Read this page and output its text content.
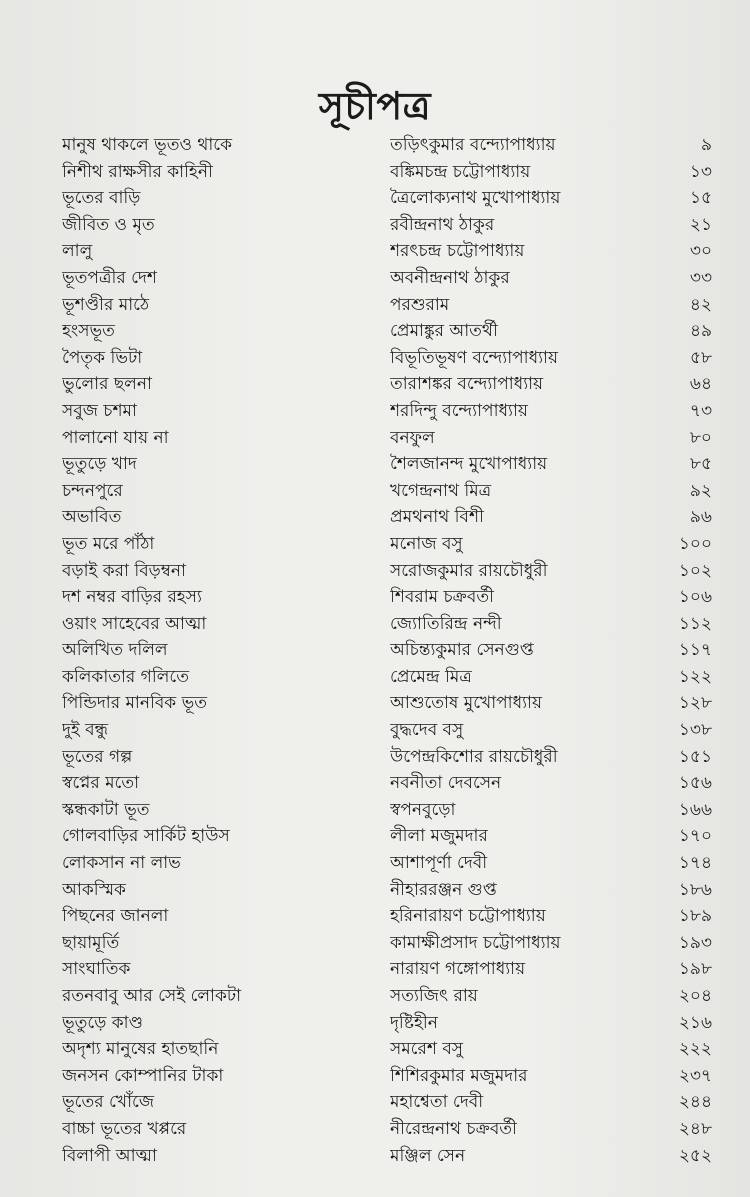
সূচীপত্র
মানুষ থাকলে ভূতও থাকে	তড়িৎকুমার বন্দ্যোপাধ্যায়	৯
নিশীথ রাক্ষসীর কাহিনী	বঙ্কিমচন্দ্র চট্টোপাধ্যায়	১৩
ভূতের বাড়ি	ত্রৈলোক্যনাথ মুখোপাধ্যায়	১৫
জীবিত ও মৃত	রবীন্দ্রনাথ ঠাকুর	২১
লালু	শরৎচন্দ্র চট্টোপাধ্যায়	৩০
ভূতপত্রীর দেশ	অবনীন্দ্রনাথ ঠাকুর	৩৩
ভূশণ্ডীর মাঠে	পরশুরাম	৪২
হংসভূত	প্রেমাঙ্কুর আতর্থী	৪৯
পৈতৃক ভিটা	বিভূতিভূষণ বন্দ্যোপাধ্যায়	৫৮
ভুলোর ছলনা	তারাশঙ্কর বন্দ্যোপাধ্যায়	৬৪
সবুজ চশমা	শরদিন্দু বন্দ্যোপাধ্যায়	৭৩
পালানো যায় না	বনফুল	৮০
ভূতুড়ে খাদ	শৈলজানন্দ মুখোপাধ্যায়	৮৫
চন্দনপুরে	খগেন্দ্রনাথ মিত্র	৯২
অভাবিত	প্রমথনাথ বিশী	৯৬
ভূত মরে পাঁঠা	মনোজ বসু	১০০
বড়াই করা বিড়ম্বনা	সরোজকুমার রায়চৌধুরী	১০২
দশ নম্বর বাড়ির রহস্য	শিবরাম চক্রবর্তী	১০৬
ওয়াং সাহেবের আত্মা	জ্যোতিরিন্দ্র নন্দী	১১২
অলিখিত দলিল	অচিন্ত্যকুমার সেনগুপ্ত	১১৭
কলিকাতার গলিতে	প্রেমেন্দ্র মিত্র	১২২
পিন্ডিদার মানবিক ভূত	আশুতোষ মুখোপাধ্যায়	১২৮
দুই বন্ধু	বুদ্ধদেব বসু	১৩৮
ভূতের গল্প	উপেন্দ্রকিশোর রায়চৌধুরী	১৫১
স্বপ্নের মতো	নবনীতা দেবসেন	১৫৬
স্কন্ধকাটা ভূত	স্বপনবুড়ো	১৬৬
গোলবাড়ির সার্কিট হাউস	লীলা মজুমদার	১৭০
লোকসান না লাভ	আশাপূর্ণা দেবী	১৭৪
আকস্মিক	নীহাররঞ্জন গুপ্ত	১৮৬
পিছনের জানলা	হরিনারায়ণ চট্টোপাধ্যায়	১৮৯
ছায়ামূর্তি	কামাক্ষীপ্রসাদ চট্টোপাধ্যায়	১৯৩
সাংঘাতিক	নারায়ণ গঙ্গোপাধ্যায়	১৯৮
রতনবাবু আর সেই লোকটা	সত্যজিৎ রায়	২০৪
ভূতুড়ে কাণ্ড	দৃষ্টিহীন	২১৬
অদৃশ্য মানুষের হাতছানি	সমরেশ বসু	২২২
জনসন কোম্পানির টাকা	শিশিরকুমার মজুমদার	২৩৭
ভূতের খোঁজে	মহাশ্বেতা দেবী	২৪৪
বাচ্চা ভূতের খপ্পরে	নীরেন্দ্রনাথ চক্রবর্তী	২৪৮
বিলাপী আত্মা	মঞ্জিল সেন	২৫২
